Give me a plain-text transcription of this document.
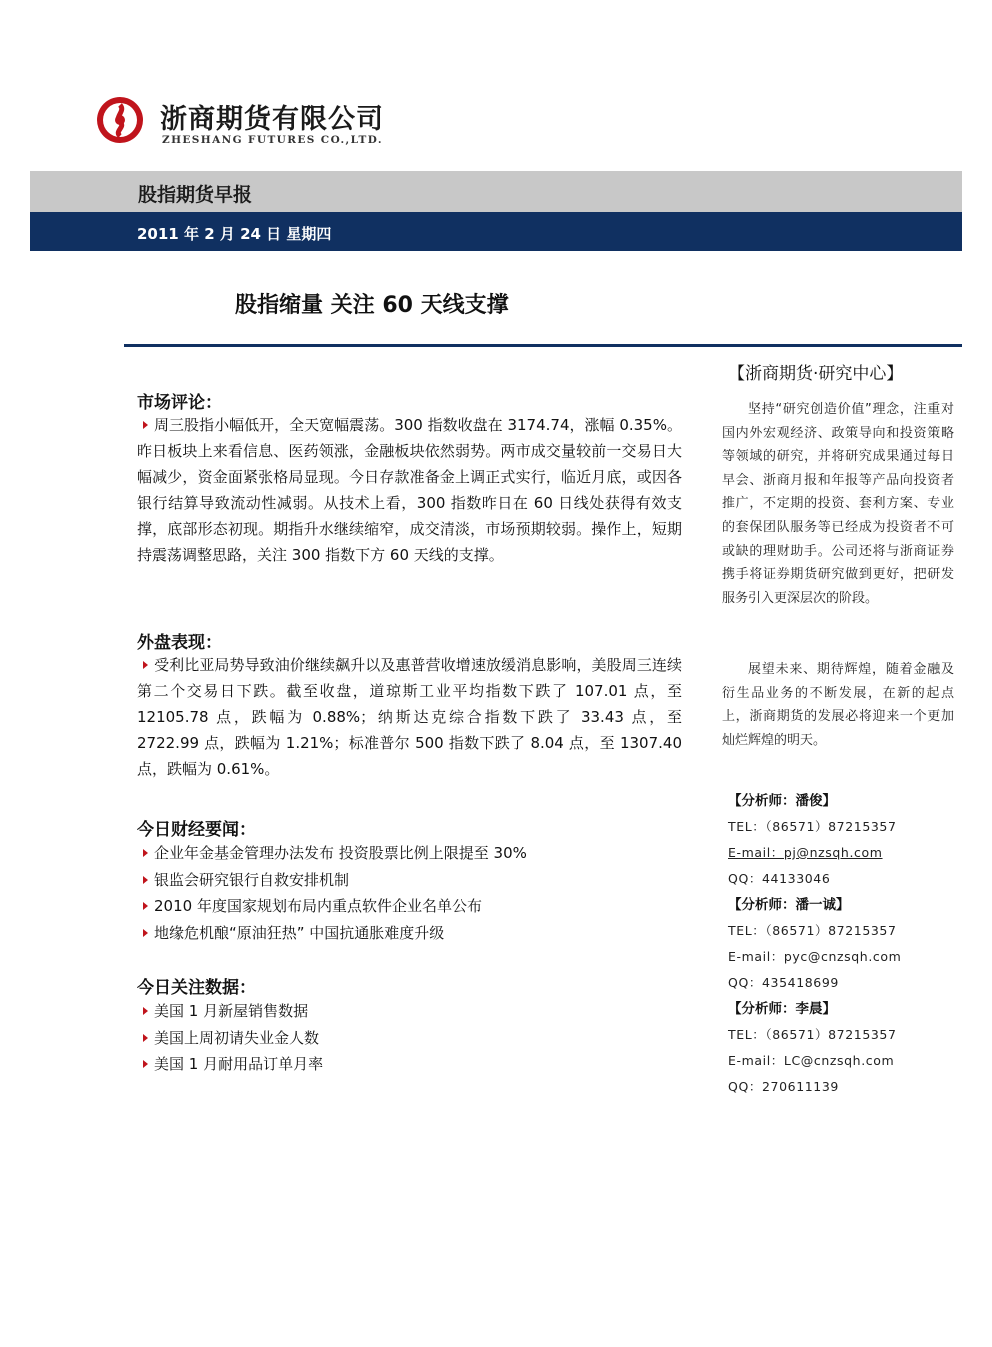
浙商期货有限公司
ZHESHANG FUTURES CO.,LTD.
股指期货早报
2011 年 2 月 24 日 星期四
股指缩量 关注 60 天线支撑
市场评论：

周三股指小幅低开，全天宽幅震荡。300 指数收盘在 3174.74，涨幅 0.35%。昨日板块上来看信息、医药领涨，金融板块依然弱势。两市成交量较前一交易日大幅减少，资金面紧张格局显现。今日存款准备金上调正式实行，临近月底，或因各银行结算导致流动性减弱。从技术上看，300 指数昨日在 60 日线处获得有效支撑，底部形态初现。期指升水继续缩窄，成交清淡，市场预期较弱。操作上，短期持震荡调整思路，关注 300 指数下方 60 天线的支撑。

外盘表现：

受利比亚局势导致油价继续飙升以及惠普营收增速放缓消息影响，美股周三连续第二个交易日下跌。截至收盘，道琼斯工业平均指数下跌了 107.01 点，至 12105.78 点，跌幅为 0.88%；纳斯达克综合指数下跌了 33.43 点，至 2722.99 点，跌幅为 1.21%；标准普尔 500 指数下跌了 8.04 点，至 1307.40 点，跌幅为 0.61%。

今日财经要闻：
企业年金基金管理办法发布 投资股票比例上限提至 30%
银监会研究银行自救安排机制
2010 年度国家规划布局内重点软件企业名单公布
地缘危机酿“原油狂热” 中国抗通胀难度升级
今日关注数据：
美国 1 月新屋销售数据
美国上周初请失业金人数
美国 1 月耐用品订单月率
【浙商期货·研究中心】

坚持“研究创造价值”理念，注重对国内外宏观经济、政策导向和投资策略等领域的研究，并将研究成果通过每日早会、浙商月报和年报等产品向投资者推广，不定期的投资、套利方案、专业的套保团队服务等已经成为投资者不可或缺的理财助手。公司还将与浙商证券携手将证券期货研究做到更好，把研发服务引入更深层次的阶段。

展望未来、期待辉煌，随着金融及衍生品业务的不断发展，在新的起点上，浙商期货的发展必将迎来一个更加灿烂辉煌的明天。

【分析师：潘俊】
TEL：（86571）87215357
E-mail：pj@nzsqh.com
QQ：44133046
【分析师：潘一诚】
TEL：（86571）87215357
E-mail：pyc@cnzsqh.com
QQ：435418699
【分析师：李晨】
TEL：（86571）87215357
E-mail：LC@cnzsqh.com
QQ：270611139
